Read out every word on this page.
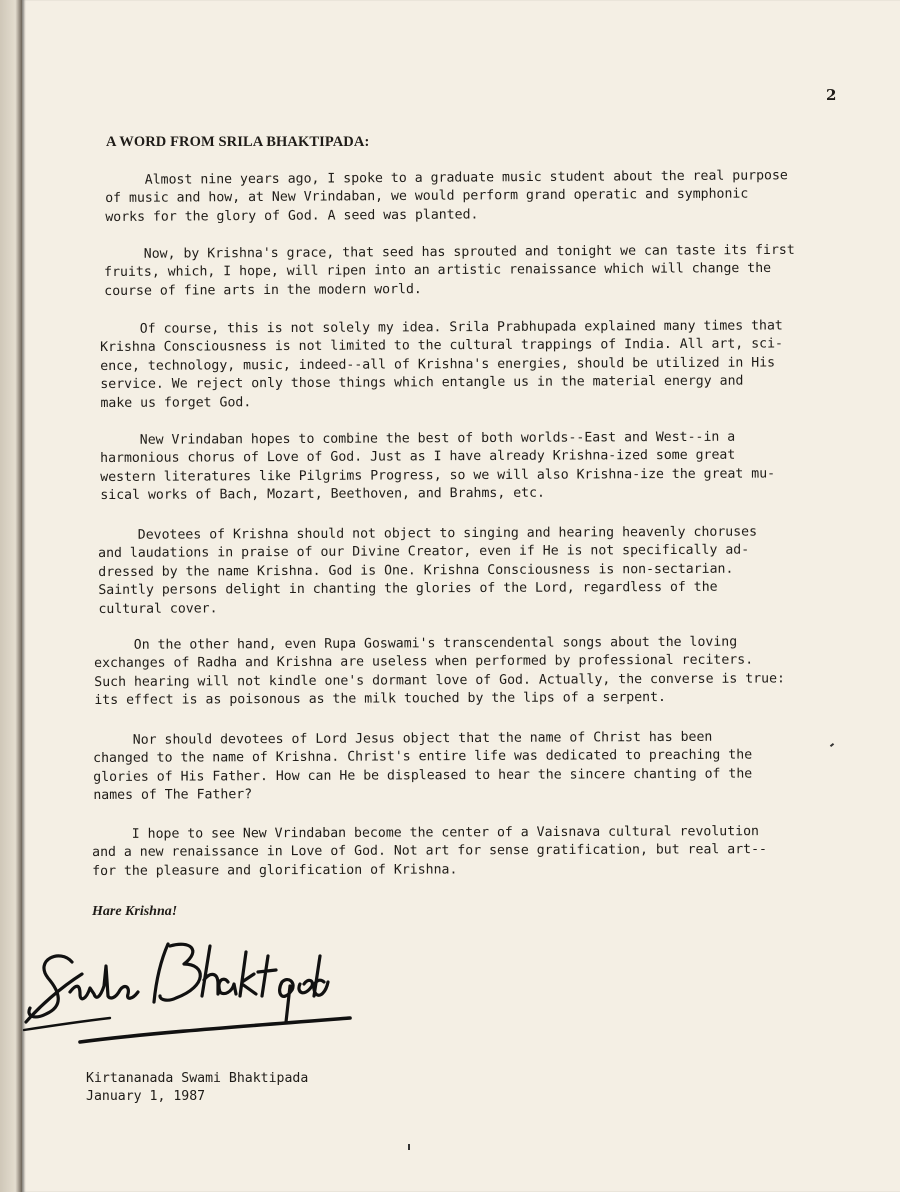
2
A WORD FROM SRILA BHAKTIPADA:
Almost nine years ago, I spoke to a graduate music student about the real purpose
of music and how, at New Vrindaban, we would perform grand operatic and symphonic
works for the glory of God. A seed was planted.
Now, by Krishna's grace, that seed has sprouted and tonight we can taste its first
fruits, which, I hope, will ripen into an artistic renaissance which will change the
course of fine arts in the modern world.
Of course, this is not solely my idea. Srila Prabhupada explained many times that
Krishna Consciousness is not limited to the cultural trappings of India. All art, sci-
ence, technology, music, indeed--all of Krishna's energies, should be utilized in His
service. We reject only those things which entangle us in the material energy and
make us forget God.
New Vrindaban hopes to combine the best of both worlds--East and West--in a
harmonious chorus of Love of God. Just as I have already Krishna-ized some great
western literatures like Pilgrims Progress, so we will also Krishna-ize the great mu-
sical works of Bach, Mozart, Beethoven, and Brahms, etc.
Devotees of Krishna should not object to singing and hearing heavenly choruses
and laudations in praise of our Divine Creator, even if He is not specifically ad-
dressed by the name Krishna. God is One. Krishna Consciousness is non-sectarian.
Saintly persons delight in chanting the glories of the Lord, regardless of the
cultural cover.
On the other hand, even Rupa Goswami's transcendental songs about the loving
exchanges of Radha and Krishna are useless when performed by professional reciters.
Such hearing will not kindle one's dormant love of God. Actually, the converse is true:
its effect is as poisonous as the milk touched by the lips of a serpent.
Nor should devotees of Lord Jesus object that the name of Christ has been
changed to the name of Krishna. Christ's entire life was dedicated to preaching the
glories of His Father. How can He be displeased to hear the sincere chanting of the
names of The Father?
I hope to see New Vrindaban become the center of a Vaisnava cultural revolution
and a new renaissance in Love of God. Not art for sense gratification, but real art--
for the pleasure and glorification of Krishna.
Hare Krishna!
Kirtananada Swami Bhaktipada
January 1, 1987
